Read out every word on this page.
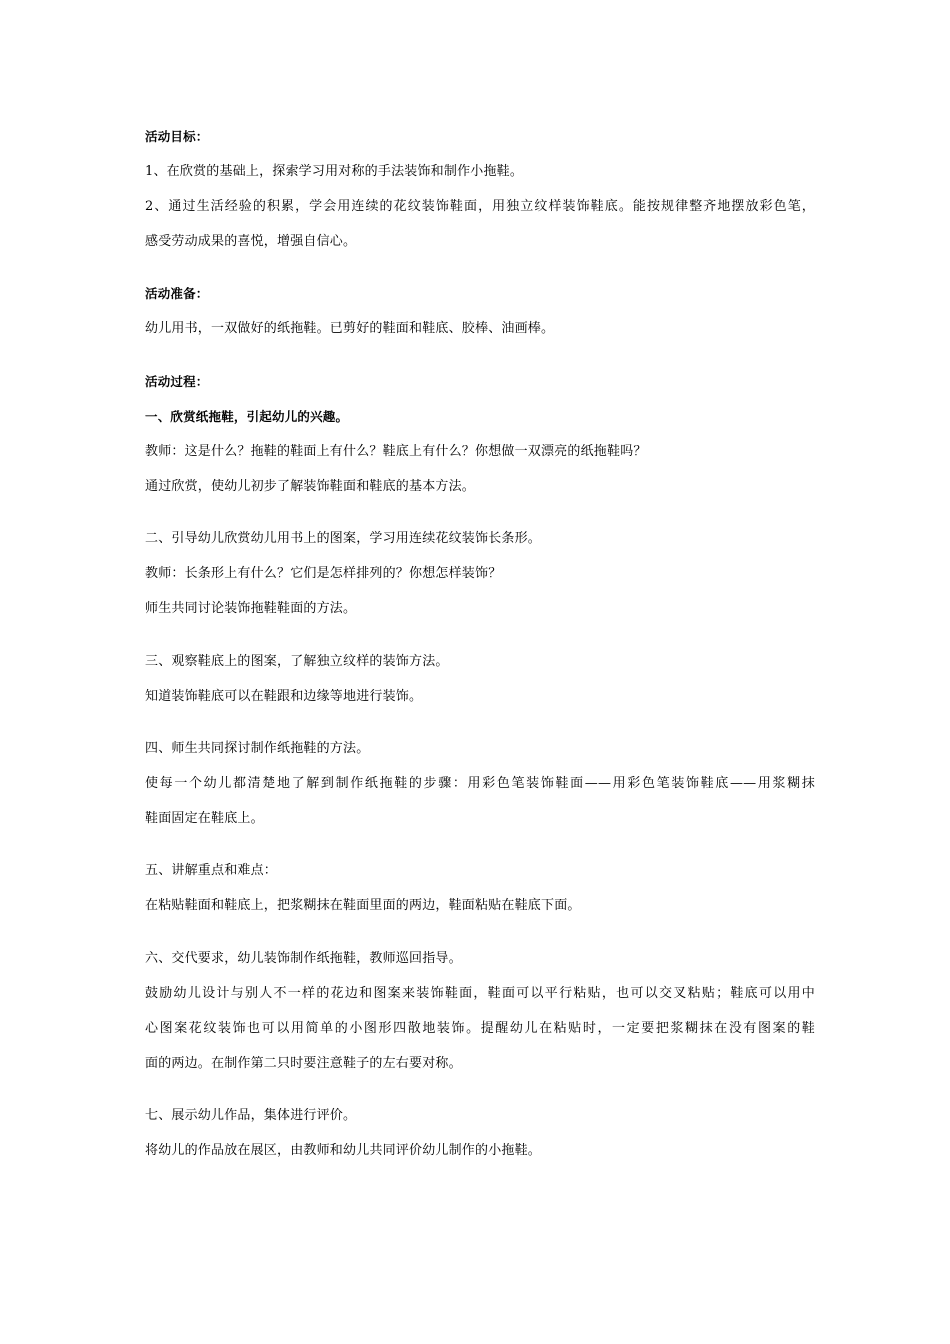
活动目标：
1、在欣赏的基础上，探索学习用对称的手法装饰和制作小拖鞋。
2、通过生活经验的积累，学会用连续的花纹装饰鞋面，用独立纹样装饰鞋底。能按规律整齐地摆放彩色笔，
感受劳动成果的喜悦，增强自信心。
活动准备：
幼儿用书，一双做好的纸拖鞋。已剪好的鞋面和鞋底、胶棒、油画棒。
活动过程：
一、欣赏纸拖鞋，引起幼儿的兴趣。
教师：这是什么？拖鞋的鞋面上有什么？鞋底上有什么？你想做一双漂亮的纸拖鞋吗？
通过欣赏，使幼儿初步了解装饰鞋面和鞋底的基本方法。
二、引导幼儿欣赏幼儿用书上的图案，学习用连续花纹装饰长条形。
教师：长条形上有什么？它们是怎样排列的？你想怎样装饰？
师生共同讨论装饰拖鞋鞋面的方法。
三、观察鞋底上的图案，了解独立纹样的装饰方法。
知道装饰鞋底可以在鞋跟和边缘等地进行装饰。
四、师生共同探讨制作纸拖鞋的方法。
使每一个幼儿都清楚地了解到制作纸拖鞋的步骤：用彩色笔装饰鞋面——用彩色笔装饰鞋底——用浆糊抹
鞋面固定在鞋底上。
五、讲解重点和难点：
在粘贴鞋面和鞋底上，把浆糊抹在鞋面里面的两边，鞋面粘贴在鞋底下面。
六、交代要求，幼儿装饰制作纸拖鞋，教师巡回指导。
鼓励幼儿设计与别人不一样的花边和图案来装饰鞋面，鞋面可以平行粘贴，也可以交叉粘贴；鞋底可以用中
心图案花纹装饰也可以用简单的小图形四散地装饰。提醒幼儿在粘贴时，一定要把浆糊抹在没有图案的鞋
面的两边。在制作第二只时要注意鞋子的左右要对称。
七、展示幼儿作品，集体进行评价。
将幼儿的作品放在展区，由教师和幼儿共同评价幼儿制作的小拖鞋。
